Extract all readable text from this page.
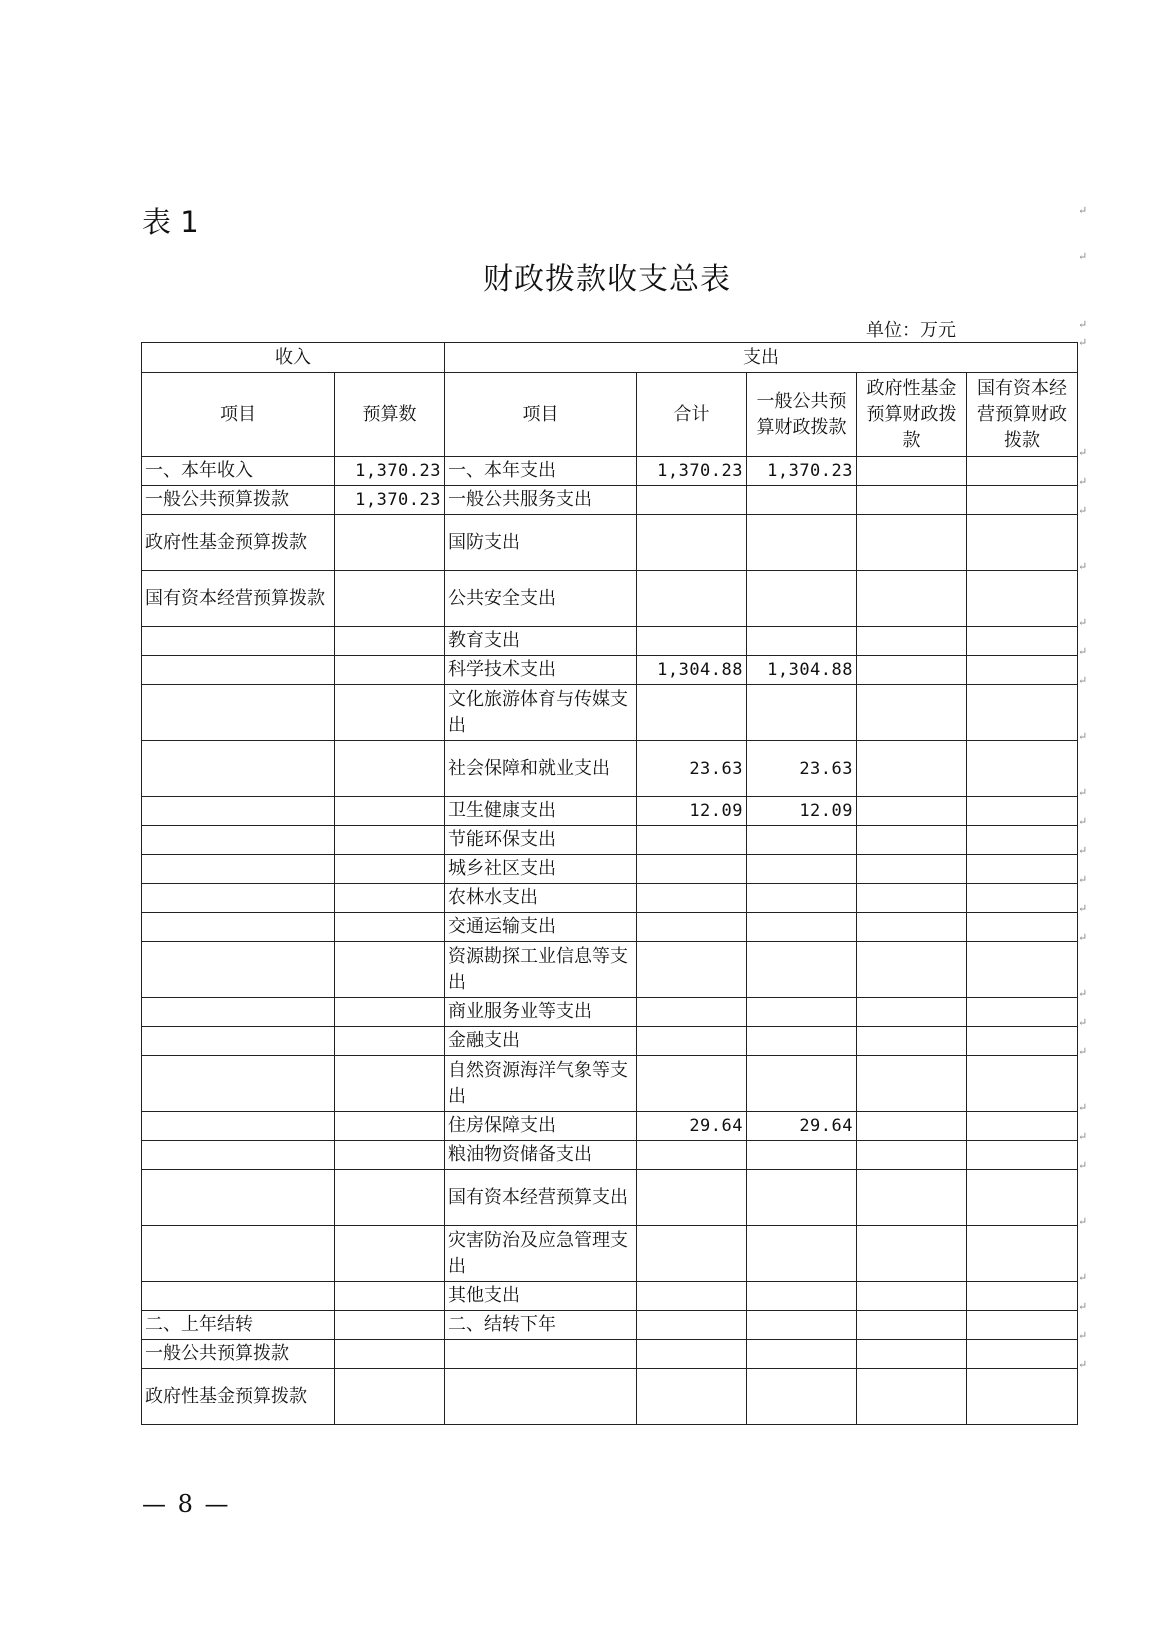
表 1
财政拨款收支总表
单位：万元
收入		支出				
项目	预算数	项目	合计	一般公共预算财政拨款	政府性基金预算财政拨款	国有资本经营预算财政拨款
一、本年收入	1,370.23	一、本年支出	1,370.23	1,370.23		
一般公共预算拨款	1,370.23	一般公共服务支出				
政府性基金预算拨款		国防支出				
国有资本经营预算拨款		公共安全支出				
		教育支出				
		科学技术支出	1,304.88	1,304.88		
		文化旅游体育与传媒支出				
		社会保障和就业支出	23.63	23.63		
		卫生健康支出	12.09	12.09		
		节能环保支出				
		城乡社区支出				
		农林水支出				
		交通运输支出				
		资源勘探工业信息等支出				
		商业服务业等支出				
		金融支出				
		自然资源海洋气象等支出				
		住房保障支出	29.64	29.64		
		粮油物资储备支出				
		国有资本经营预算支出				
		灾害防治及应急管理支出				
		其他支出				
二、上年结转		二、结转下年				
一般公共预算拨款						
政府性基金预算拨款						
— 8 —
↵
↵
↵
↵
↵
↵
↵
↵
↵
↵
↵
↵
↵
↵
↵
↵
↵
↵
↵
↵
↵
↵
↵
↵
↵
↵
↵
↵
↵
